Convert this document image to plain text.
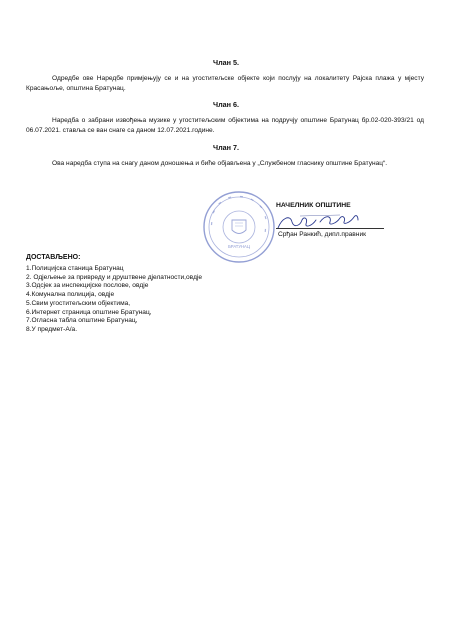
Члан 5.
Одредбе ове Наредбе примјењују се и на угоститељске објекте који послују на локалитету Рајска плажа у мјесту Красањоље, општина Братунац.
Члан 6.
Наредба о забрани извођења музике у угоститељским објектима на подручју општине Братунац бр.02-020-393/21 од 06.07.2021. ставља се ван снаге са даном 12.07.2021.године.
Члан 7.
Ова наредба ступа на снагу даном доношења и биће објављена у „Службеном гласнику општине Братунац“.
БРАТУНАЦ
НАЧЕЛНИК ОПШТИНЕ
Срђан Ранкић, дипл.правник
ДОСТАВЉЕНО:
1.Полицијска станица Братунац
2. Одјељење за привреду и друштвене дјелатности,овдје
3.Одсјек за инспекцијске послове, овдје
4.Комунална полиција, овдје
5.Свим угоститељским објектима,
6.Интернет страница општине Братунац,
7.Огласна табла општине Братунац,
8.У предмет-А/а.
